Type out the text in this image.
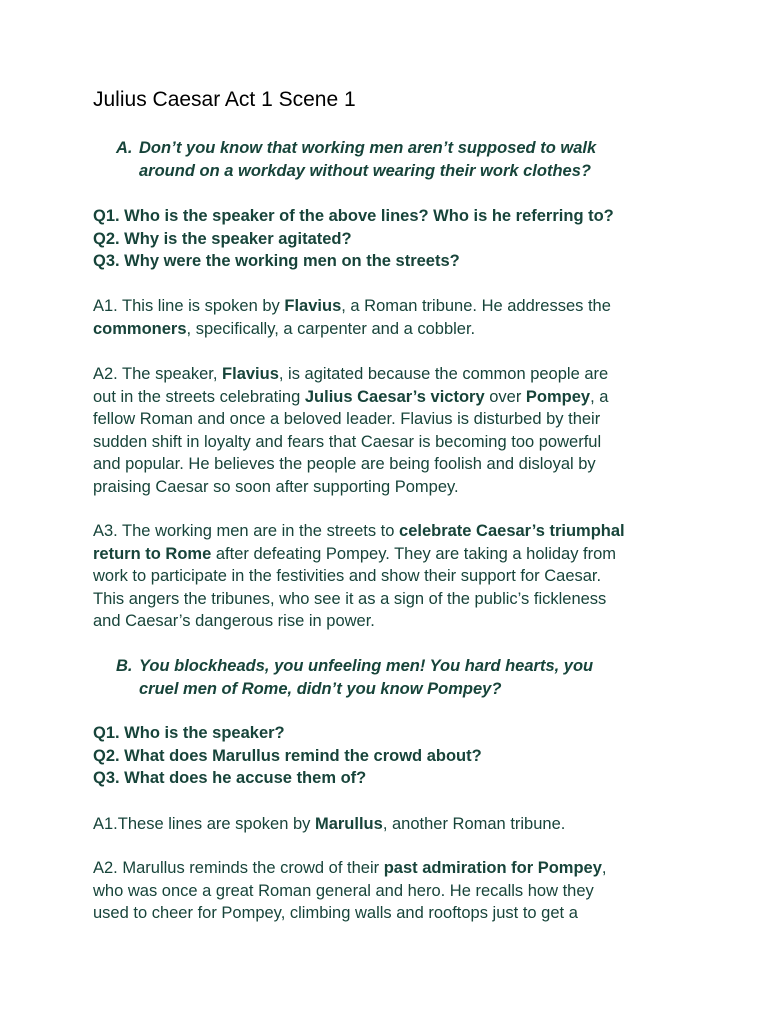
Julius Caesar Act 1 Scene 1
A. Don’t you know that working men aren’t supposed to walk
around on a workday without wearing their work clothes?
Q1. Who is the speaker of the above lines? Who is he referring to?
Q2. Why is the speaker agitated?
Q3. Why were the working men on the streets?
A1. This line is spoken by Flavius, a Roman tribune. He addresses the
commoners, specifically, a carpenter and a cobbler.
A2. The speaker, Flavius, is agitated because the common people are
out in the streets celebrating Julius Caesar’s victory over Pompey, a
fellow Roman and once a beloved leader. Flavius is disturbed by their
sudden shift in loyalty and fears that Caesar is becoming too powerful
and popular. He believes the people are being foolish and disloyal by
praising Caesar so soon after supporting Pompey.
A3. The working men are in the streets to celebrate Caesar’s triumphal
return to Rome after defeating Pompey. They are taking a holiday from
work to participate in the festivities and show their support for Caesar.
This angers the tribunes, who see it as a sign of the public’s fickleness
and Caesar’s dangerous rise in power.
B. You blockheads, you unfeeling men! You hard hearts, you
cruel men of Rome, didn’t you know Pompey?
Q1. Who is the speaker?
Q2. What does Marullus remind the crowd about?
Q3. What does he accuse them of?
A1.These lines are spoken by Marullus, another Roman tribune.
A2. Marullus reminds the crowd of their past admiration for Pompey,
who was once a great Roman general and hero. He recalls how they
used to cheer for Pompey, climbing walls and rooftops just to get a
